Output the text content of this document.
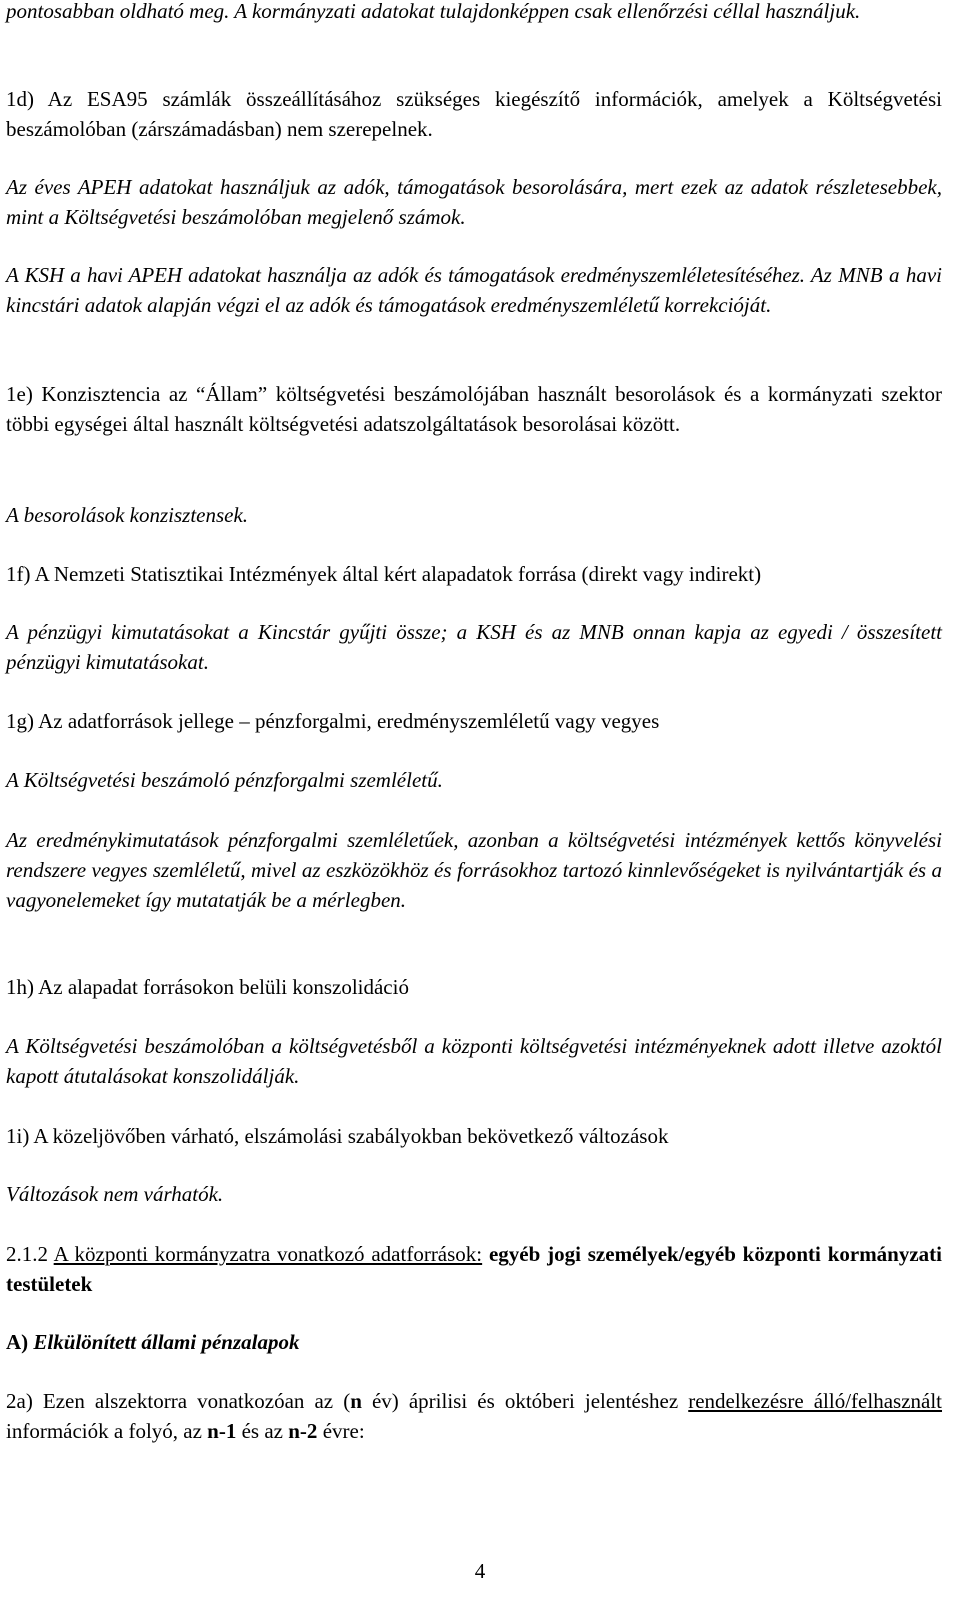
pontosabban oldható meg. A kormányzati adatokat tulajdonképpen csak ellenőrzési céllal használjuk.

1d) Az ESA95 számlák összeállításához szükséges kiegészítő információk, amelyek a Költségvetési beszámolóban (zárszámadásban) nem szerepelnek.

Az éves APEH adatokat használjuk az adók, támogatások besorolására, mert ezek az adatok részletesebbek, mint a Költségvetési beszámolóban megjelenő számok.

A KSH a havi APEH adatokat használja az adók és támogatások eredményszemléletesítéséhez. Az MNB a havi kincstári adatok alapján végzi el az adók és támogatások eredményszemléletű korrekcióját.

1e) Konzisztencia az “Állam” költségvetési beszámolójában használt besorolások és a kormányzati szektor többi egységei által használt költségvetési adatszolgáltatások besorolásai között.

A besorolások konzisztensek.

1f) A Nemzeti Statisztikai Intézmények által kért alapadatok forrása (direkt vagy indirekt)

A pénzügyi kimutatásokat a Kincstár gyűjti össze; a KSH és az MNB onnan kapja az egyedi / összesített pénzügyi kimutatásokat.

1g) Az adatforrások jellege – pénzforgalmi, eredményszemléletű vagy vegyes

A Költségvetési beszámoló pénzforgalmi szemléletű.

Az eredménykimutatások pénzforgalmi szemléletűek, azonban a költségvetési intézmények kettős könyvelési rendszere vegyes szemléletű, mivel az eszközökhöz és forrásokhoz tartozó kinnlevőségeket is nyilvántartják és a vagyonelemeket így mutatatják be a mérlegben.

1h) Az alapadat forrásokon belüli konszolidáció

A Költségvetési beszámolóban a költségvetésből a központi költségvetési intézményeknek adott illetve azoktól kapott átutalásokat konszolidálják.

1i) A közeljövőben várható, elszámolási szabályokban bekövetkező változások

Változások nem várhatók.

2.1.2 A központi kormányzatra vonatkozó adatforrások: egyéb jogi személyek/egyéb központi kormányzati testületek

A) Elkülönített állami pénzalapok

2a) Ezen alszektorra vonatkozóan az (n év) áprilisi és októberi jelentéshez rendelkezésre álló/felhasznált információk a folyó, az n-1 és az n-2 évre:

4
